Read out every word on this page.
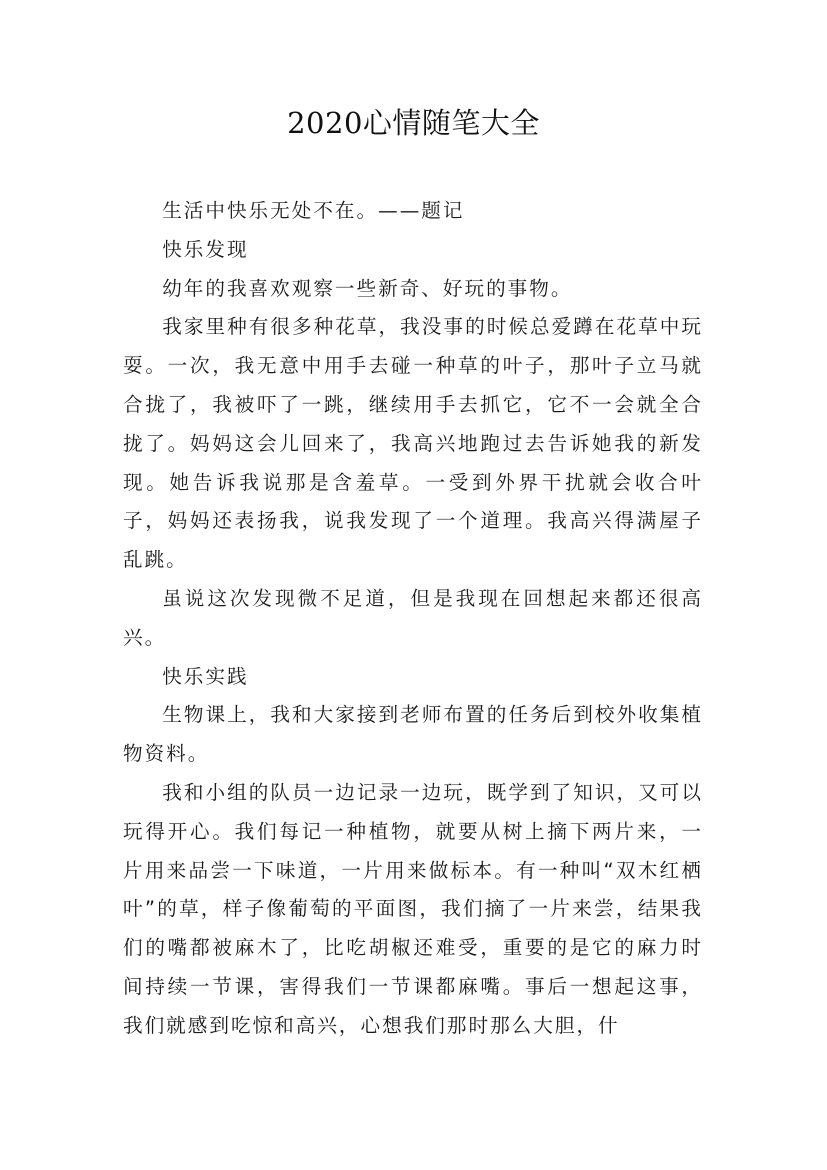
2020心情随笔大全

生活中快乐无处不在。——题记

快乐发现

幼年的我喜欢观察一些新奇、好玩的事物。

我家里种有很多种花草，我没事的时候总爱蹲在花草中玩耍。一次，我无意中用手去碰一种草的叶子，那叶子立马就合拢了，我被吓了一跳，继续用手去抓它，它不一会就全合拢了。妈妈这会儿回来了，我高兴地跑过去告诉她我的新发现。她告诉我说那是含羞草。一受到外界干扰就会收合叶子，妈妈还表扬我，说我发现了一个道理。我高兴得满屋子乱跳。

虽说这次发现微不足道，但是我现在回想起来都还很高兴。

快乐实践

生物课上，我和大家接到老师布置的任务后到校外收集植物资料。

我和小组的队员一边记录一边玩，既学到了知识，又可以玩得开心。我们每记一种植物，就要从树上摘下两片来，一片用来品尝一下味道，一片用来做标本。有一种叫“双木红栖叶”的草，样子像葡萄的平面图，我们摘了一片来尝，结果我们的嘴都被麻木了，比吃胡椒还难受，重要的是它的麻力时间持续一节课，害得我们一节课都麻嘴。事后一想起这事，我们就感到吃惊和高兴，心想我们那时那么大胆，什
